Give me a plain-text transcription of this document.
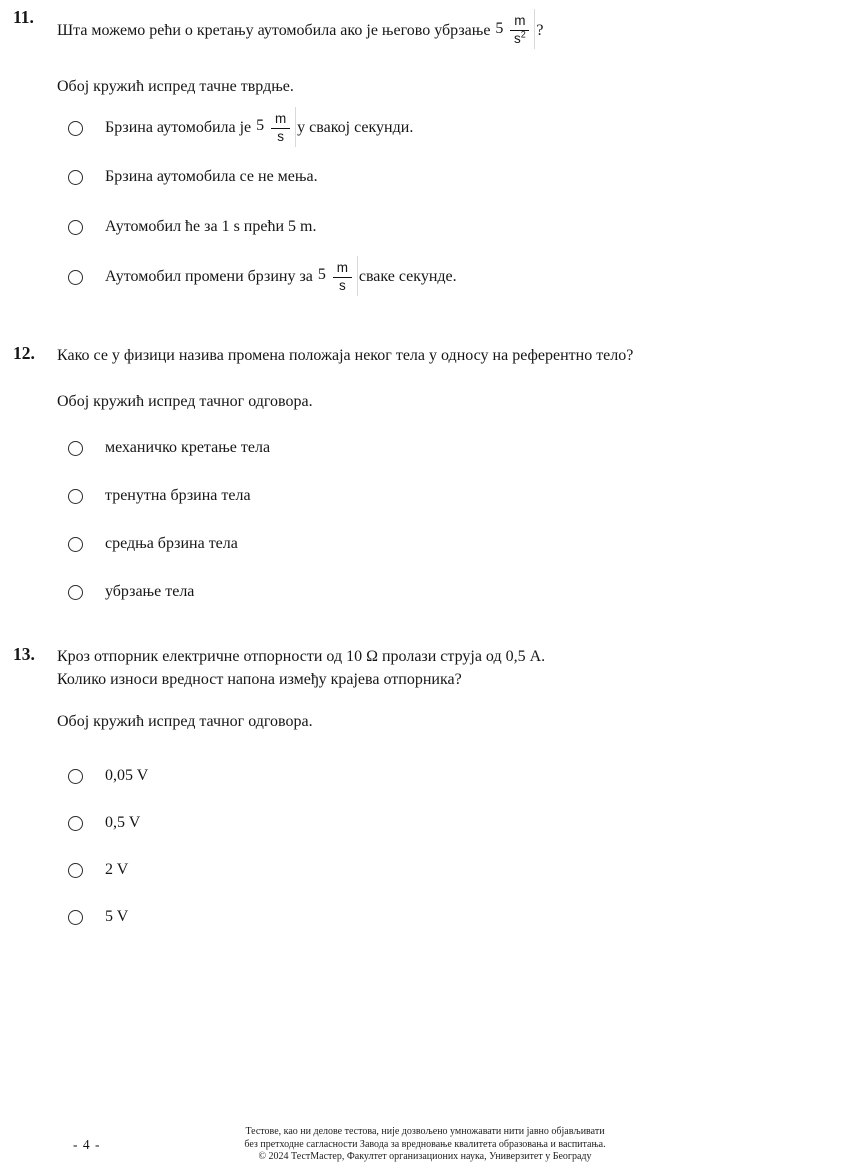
11.
Шта можемо рећи о кретању аутомобила ако је његово убрзање $5 \frac{m}{s^2}$ ?
Обој кружић испред тачне тврдње.
Брзина аутомобила је $5 \frac{m}{s}$ у свакој секунди.
Брзина аутомобила се не мења.
Аутомобил ће за 1 s прећи 5 m.
Аутомобил промени брзину за $5 \frac{m}{s}$ сваке секунде.
12. Како се у физици назива промена положаја неког тела у односу на референтно тело?
Обој кружић испред тачног одговора.
механичко кретање тела
тренутна брзина тела
средња брзина тела
убрзање тела
13. Кроз отпорник електричне отпорности од 10 Ω пролази струја од 0,5 А.
Колико износи вредност напона између крајева отпорника?
Обој кружић испред тачног одговора.
0,05 V
0,5 V
2 V
5 V
- 4 -
Тестове, као ни делове тестова, није дозвољено умножавати нити јавно објављивати
без претходне сагласности Завода за вредновање квалитета образовања и васпитања.
© 2024 ТестМастер, Факултет организационих наука, Универзитет у Београду
